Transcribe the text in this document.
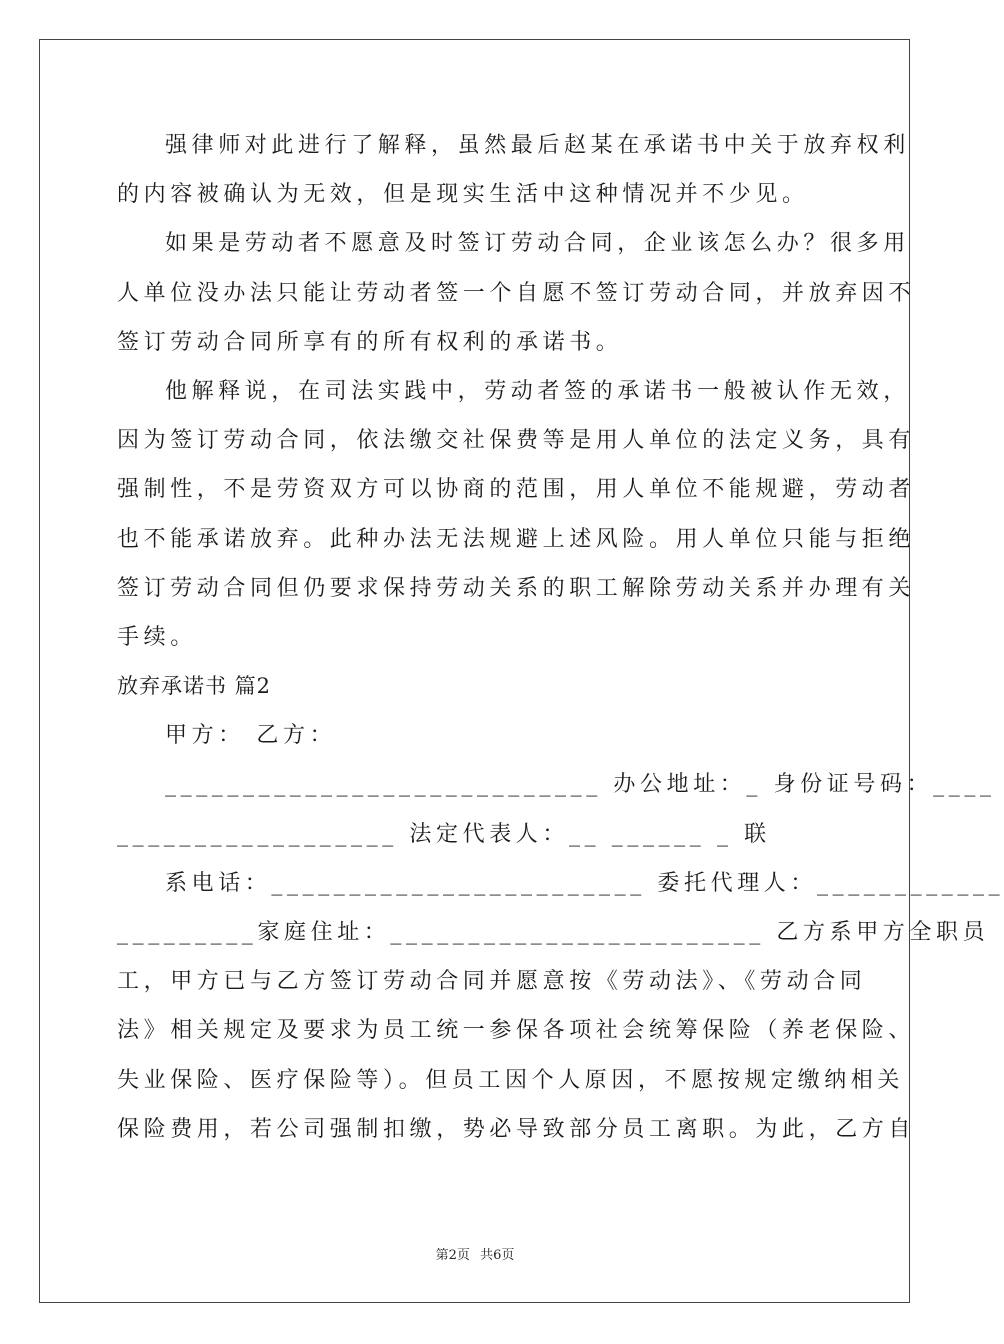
强律师对此进行了解释，虽然最后赵某在承诺书中关于放弃权利
的内容被确认为无效，但是现实生活中这种情况并不少见。
如果是劳动者不愿意及时签订劳动合同，企业该怎么办？很多用
人单位没办法只能让劳动者签一个自愿不签订劳动合同，并放弃因不
签订劳动合同所享有的所有权利的承诺书。
他解释说，在司法实践中，劳动者签的承诺书一般被认作无效，
因为签订劳动合同，依法缴交社保费等是用人单位的法定义务，具有
强制性，不是劳资双方可以协商的范围，用人单位不能规避，劳动者
也不能承诺放弃。此种办法无法规避上述风险。用人单位只能与拒绝
签订劳动合同但仍要求保持劳动关系的职工解除劳动关系并办理有关
手续。
放弃承诺书 篇2
甲方： 乙方：
____________________________ 办公地址：_ 身份证号码：____
__________________ 法定代表人：__ ______ _ 联
系电话：________________________ 委托代理人：____________
_________家庭住址：________________________ 乙方系甲方全职员
工，甲方已与乙方签订劳动合同并愿意按《劳动法》、《劳动合同
法》相关规定及要求为员工统一参保各项社会统筹保险（养老保险、
失业保险、医疗保险等）。但员工因个人原因，不愿按规定缴纳相关
保险费用，若公司强制扣缴，势必导致部分员工离职。为此，乙方自
第2页 共6页
